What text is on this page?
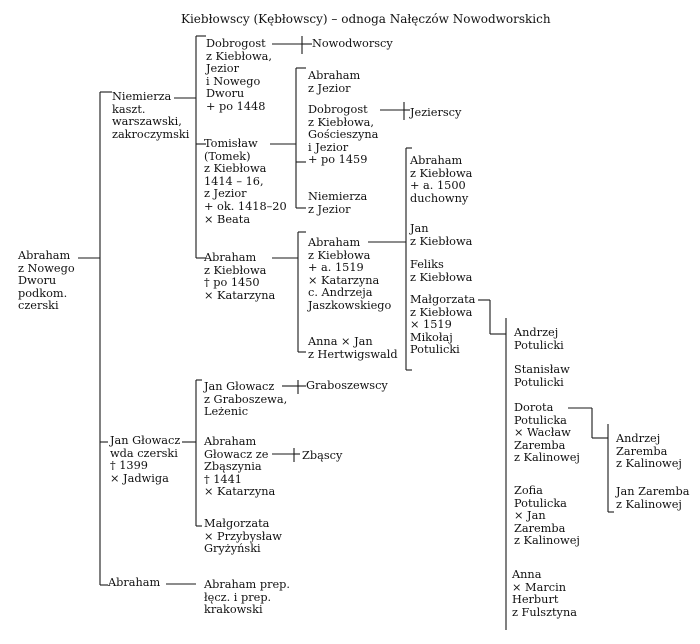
Kiebłowscy (Kębłowscy) – odnoga Nałęczów Nowodworskich
Abraham
z Nowego
Dworu
podkom.
czerski
Niemierza
kaszt.
warszawski,
zakroczymski
Jan Głowacz
wda czerski
† 1399
× Jadwiga
Abraham
Dobrogost
z Kiebłowa,
Jezior
i Nowego
Dworu
+ po 1448
Tomisław
(Tomek)
z Kiebłowa
1414 – 16,
z Jezior
+ ok. 1418–20
× Beata
Abraham
z Kiebłowa
† po 1450
× Katarzyna
Nowodworscy
Abraham
z Jezior
Dobrogost
z Kiebłowa,
Gościeszyna
i Jezior
+ po 1459
Niemierza
z Jezior
Jezierscy
Abraham
z Kiebłowa
+ a. 1519
× Katarzyna
c. Andrzeja
Jaszkowskiego
Anna × Jan
z Hertwigswald
Abraham
z Kiebłowa
+ a. 1500
duchowny
Jan
z Kiebłowa
Feliks
z Kiebłowa
Małgorzata
z Kiebłowa
× 1519
Mikołaj
Potulicki
Andrzej
Potulicki
Stanisław
Potulicki
Dorota
Potulicka
× Wacław
Zaremba
z Kalinowej
Zofia
Potulicka
× Jan
Zaremba
z Kalinowej
Anna
× Marcin
Herburt
z Fulsztyna
Andrzej
Zaremba
z Kalinowej
Jan Zaremba
z Kalinowej
Jan Głowacz
z Graboszewa,
Leżenic
Abraham
Głowacz ze
Zbąszynia
† 1441
× Katarzyna
Małgorzata
× Przybysław
Gryżyński
Graboszewscy
Zbąscy
Abraham prep.
łęcz. i prep.
krakowski
